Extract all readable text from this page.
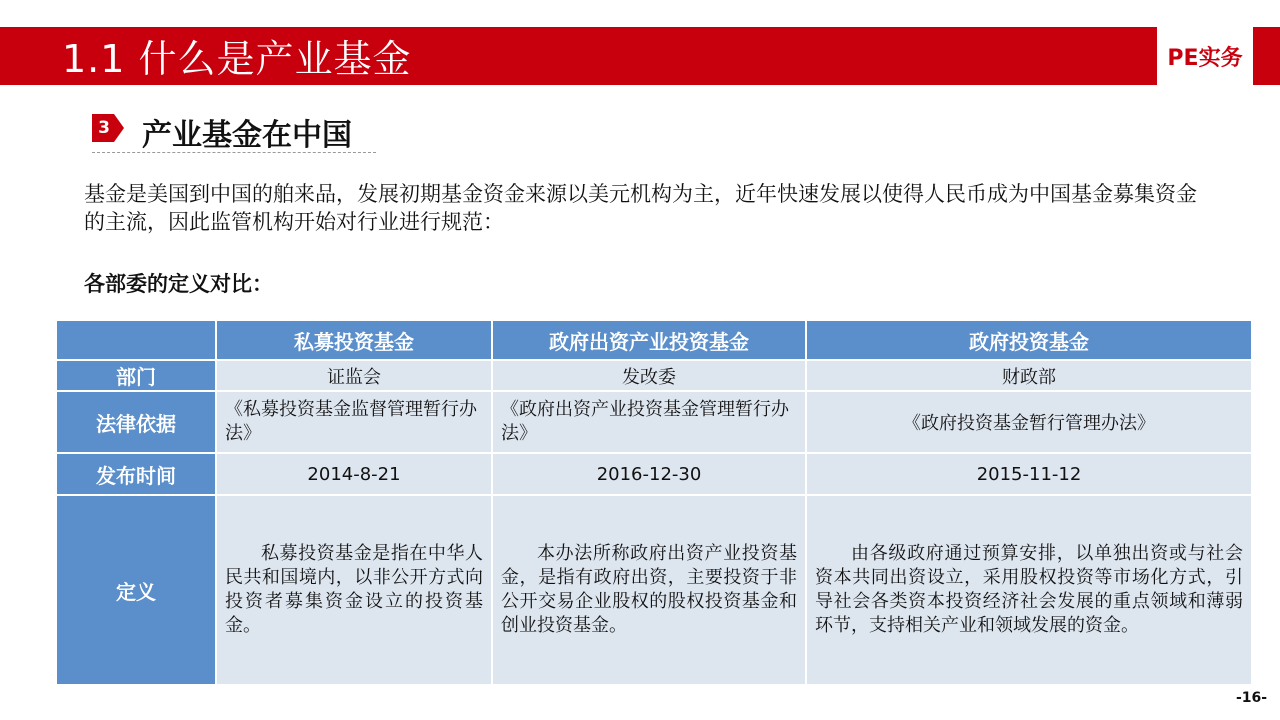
1.1 什么是产业基金	PE实务
3 产业基金在中国
基金是美国到中国的舶来品，发展初期基金资金来源以美元机构为主，近年快速发展以使得人民币成为中国基金募集资金的主流，因此监管机构开始对行业进行规范：
各部委的定义对比：
	私募投资基金	政府出资产业投资基金	政府投资基金
部门	证监会	发改委	财政部
法律依据	《私募投资基金监督管理暂行办法》	《政府出资产业投资基金管理暂行办法》	《政府投资基金暂行管理办法》
发布时间	2014-8-21	2016-12-30	2015-11-12
定义	私募投资基金是指在中华人民共和国境内，以非公开方式向投资者募集资金设立的投资基金。	本办法所称政府出资产业投资基金，是指有政府出资，主要投资于非公开交易企业股权的股权投资基金和创业投资基金。	由各级政府通过预算安排，以单独出资或与社会资本共同出资设立，采用股权投资等市场化方式，引导社会各类资本投资经济社会发展的重点领域和薄弱环节，支持相关产业和领域发展的资金。
-16-
